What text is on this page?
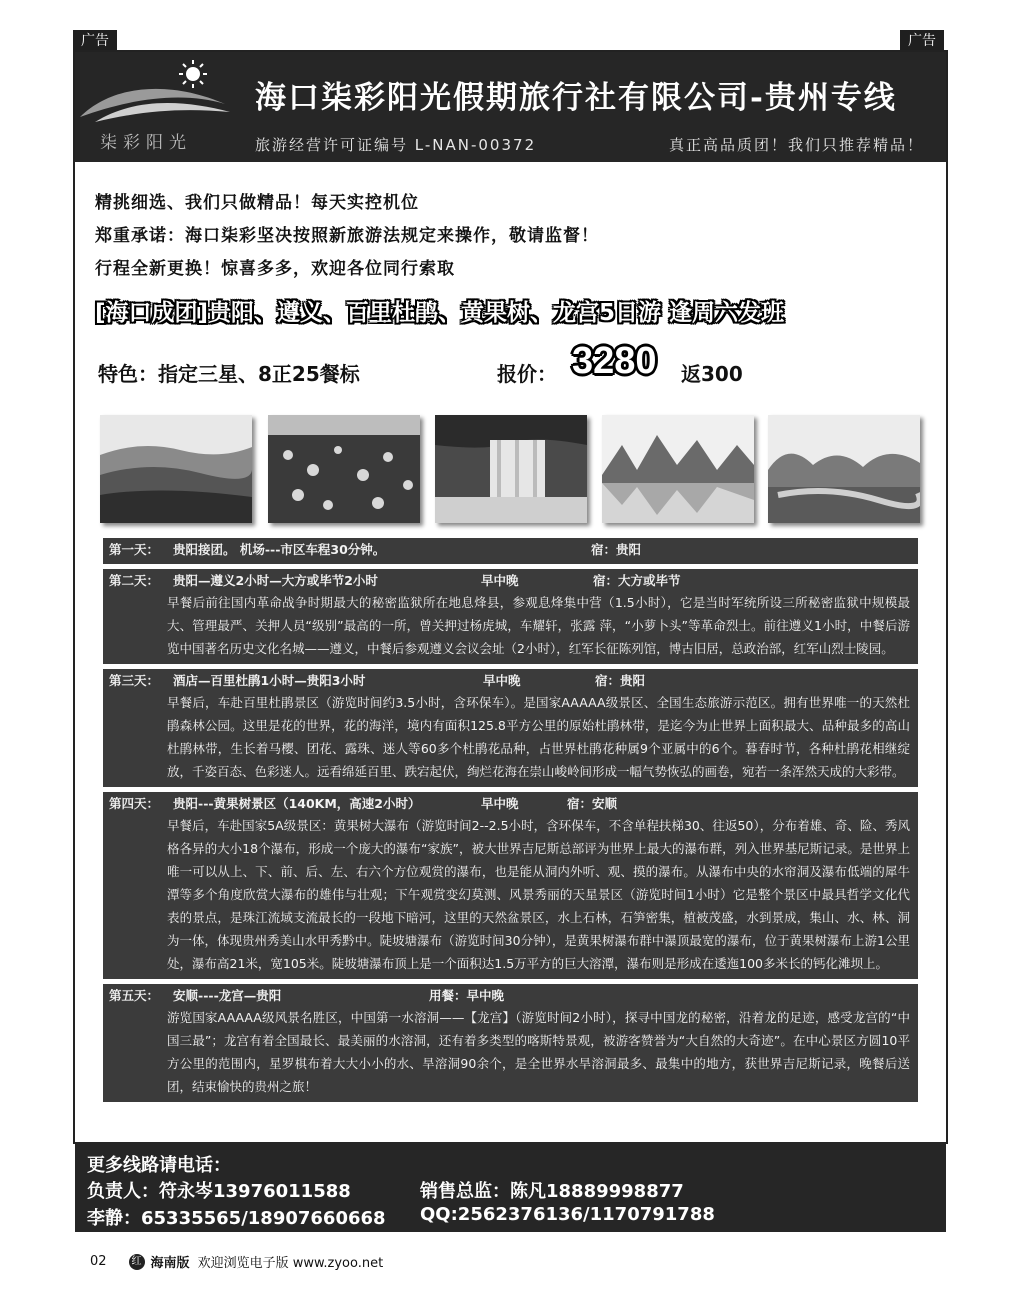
广告	广告
柒彩阳光
海口柒彩阳光假期旅行社有限公司-贵州专线
旅游经营许可证编号 L-NAN-00372	真正高品质团！我们只推荐精品！
精挑细选、我们只做精品！每天实控机位
郑重承诺：海口柒彩坚决按照新旅游法规定来操作，敬请监督！
行程全新更换！惊喜多多，欢迎各位同行索取
[海口成团]贵阳、遵义、百里杜鹃、黄果树、龙宫5日游 逢周六发班
特色：指定三星、8正25餐标	报价： 3280 返300
第一天：	贵阳接团。 机场---市区车程30分钟。	宿：贵阳
第二天：	贵阳—遵义2小时—大方或毕节2小时	早中晚	宿：大方或毕节
早餐后前往国内革命战争时期最大的秘密监狱所在地息烽县，参观息烽集中营（1.5小时），它是当时军统所设三所秘密监狱中规模最大、管理最严、关押人员“级别”最高的一所，曾关押过杨虎城，车耀轩，张露 萍，“小萝卜头”等革命烈士。前往遵义1小时，中餐后游览中国著名历史文化名城——遵义，中餐后参观遵义会议会址（2小时），红军长征陈列馆，博古旧居，总政治部，红军山烈士陵园。
第三天：	酒店—百里杜鹃1小时—贵阳3小时	早中晚	宿：贵阳
早餐后，车赴百里杜鹃景区（游览时间约3.5小时，含环保车）。是国家AAAAA级景区、全国生态旅游示范区。拥有世界唯一的天然杜鹃森林公园。这里是花的世界，花的海洋，境内有面积125.8平方公里的原始杜鹃林带，是迄今为止世界上面积最大、品种最多的高山杜鹃林带，生长着马樱、团花、露珠、迷人等60多个杜鹃花品种，占世界杜鹃花种属9个亚属中的6个。暮春时节，各种杜鹃花相继绽放，千姿百态、色彩迷人。远看绵延百里、跌宕起伏，绚烂花海在崇山峻岭间形成一幅气势恢弘的画卷，宛若一条浑然天成的大彩带。
第四天：	贵阳---黄果树景区（140KM，高速2小时）	早中晚	宿：安顺
早餐后，车赴国家5A级景区：黄果树大瀑布（游览时间2--2.5小时，含环保车，不含单程扶梯30、往返50），分布着雄、奇、险、秀风格各异的大小18个瀑布，形成一个庞大的瀑布“家族”，被大世界吉尼斯总部评为世界上最大的瀑布群，列入世界基尼斯记录。是世界上唯一可以从上、下、前、后、左、右六个方位观赏的瀑布，也是能从洞内外听、观、摸的瀑布。从瀑布中央的水帘洞及瀑布低端的犀牛潭等多个角度欣赏大瀑布的雄伟与壮观；下午观赏变幻莫测、风景秀丽的天星景区（游览时间1小时）它是整个景区中最具哲学文化代表的景点，是珠江流域支流最长的一段地下暗河，这里的天然盆景区，水上石林，石笋密集，植被茂盛，水到景成，集山、水、林、洞为一体，体现贵州秀美山水甲秀黔中。陡坡塘瀑布（游览时间30分钟），是黄果树瀑布群中瀑顶最宽的瀑布，位于黄果树瀑布上游1公里处，瀑布高21米，宽105米。陡坡塘瀑布顶上是一个面积达1.5万平方的巨大溶潭，瀑布则是形成在逶迤100多米长的钙化滩坝上。
第五天：	安顺----龙宫—贵阳	用餐：早中晚
游览国家AAAAA级风景名胜区，中国第一水溶洞——【龙宫】（游览时间2小时），探寻中国龙的秘密，沿着龙的足迹，感受龙宫的“中国三最”；龙宫有着全国最长、最美丽的水溶洞，还有着多类型的喀斯特景观，被游客赞誉为“大自然的大奇迹”。在中心景区方圆10平方公里的范围内，星罗棋布着大大小小的水、旱溶洞90余个，是全世界水旱溶洞最多、最集中的地方，获世界吉尼斯记录，晚餐后送团，结束愉快的贵州之旅！
更多线路请电话：
负责人：符永岑13976011588	销售总监：陈凡18889998877
李静：65335565/18907660668 QQ:2562376136/1170791788
02	红 海南版 欢迎浏览电子版 www.zyoo.net
